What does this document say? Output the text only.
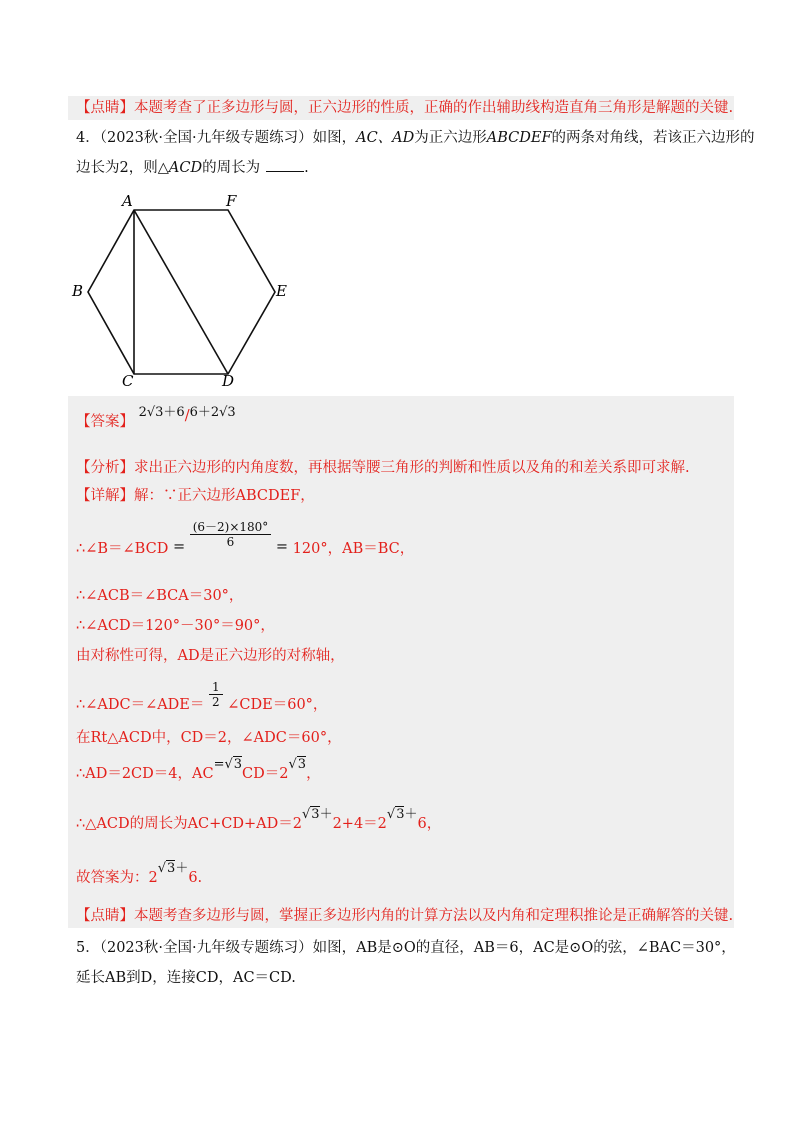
【点睛】本题考查了正多边形与圆，正六边形的性质，正确的作出辅助线构造直角三角形是解题的关键.
4．（2023秋·全国·九年级专题练习）如图，AC、AD为正六边形ABCDEF的两条对角线，若该正六边形的
边长为2，则△ACD的周长为	.
A	F
B	E
C	D
【答案】 2√3＋6/6＋2√3
【分析】求出正六边形的内角度数，再根据等腰三角形的判断和性质以及角的和差关系即可求解.
【详解】解：∵正六边形ABCDEF，
∴∠B＝∠BCD = $\frac{(6-2)\times 180^\circ}{6} = 120^\circ$，AB＝BC，
∴∠ACB＝∠BCA＝30°，
∴∠ACD＝120°－30°＝90°，
由对称性可得，AD是正六边形的对称轴，
∴∠ADC＝∠ADE＝ $\frac{1}{2}$ ∠CDE＝60°，
在Rt△ACD中，CD＝2，∠ADC＝60°，
∴AD＝2CD＝4，AC=√3CD＝2√3，
∴△ACD的周长为AC+CD+AD＝2√3＋2+4＝2√3＋6，
故答案为：2√3＋6.
【点睛】本题考查多边形与圆，掌握正多边形内角的计算方法以及内角和定理积推论是正确解答的关键.
5．（2023秋·全国·九年级专题练习）如图，AB是⊙O的直径，AB＝6，AC是⊙O的弦，∠BAC＝30°，
延长AB到D，连接CD，AC＝CD.
